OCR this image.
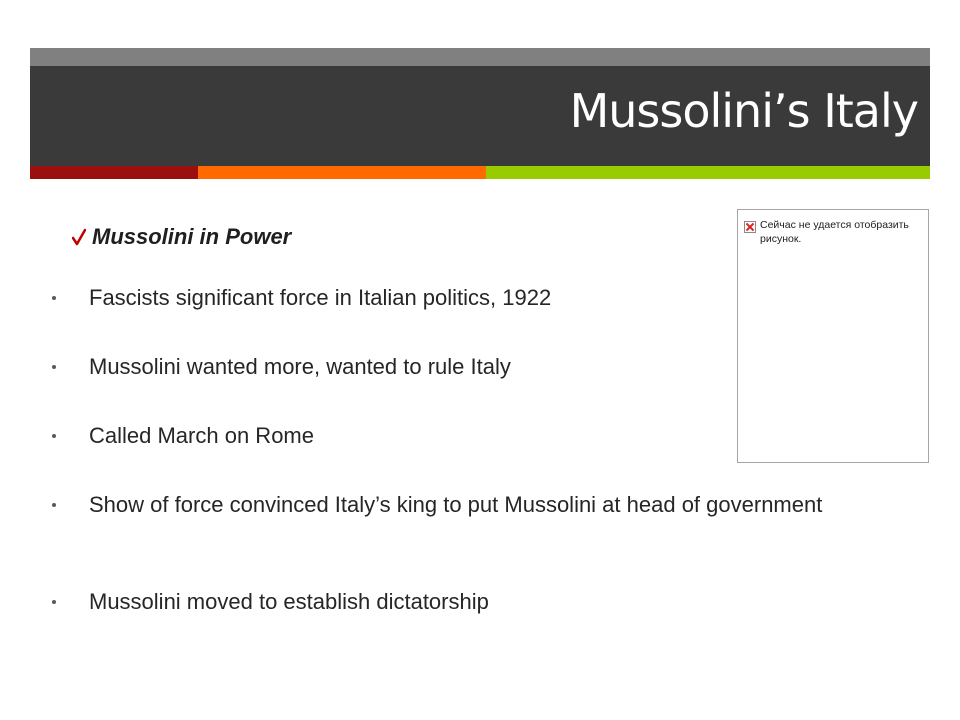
Mussolini’s Italy
Mussolini in Power
Fascists significant force in Italian politics, 1922
Mussolini wanted more, wanted to rule Italy
Called March on Rome
Show of force convinced Italy’s king to put Mussolini at head of government
Mussolini moved to establish dictatorship
Сейчас не удается отобразить рисунок.
